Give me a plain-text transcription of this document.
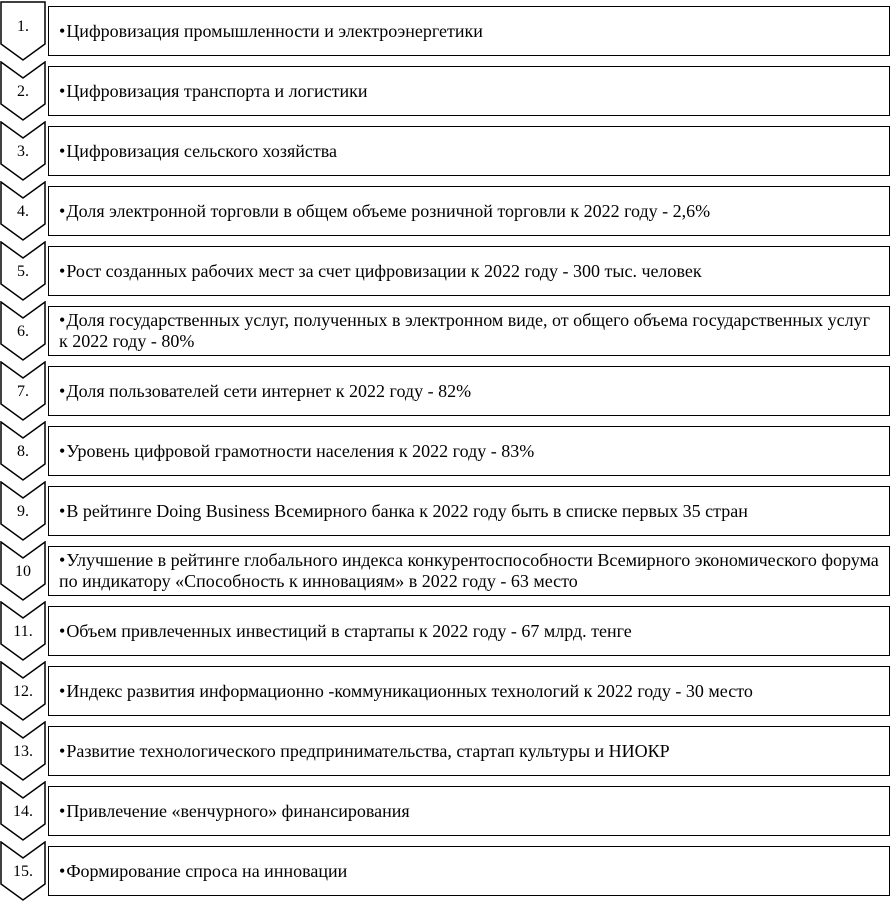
1. •Цифровизация промышленности и электроэнергетики
2. •Цифровизация транспорта и логистики
3. •Цифровизация сельского хозяйства
4. •Доля электронной торговли в общем объеме розничной торговли к 2022 году - 2,6%
5. •Рост созданных рабочих мест за счет цифровизации к 2022 году - 300 тыс. человек
6.
•Доля государственных услуг, полученных в электронном виде, от общего объема государственных услуг к 2022 году - 80%
7. •Доля пользователей сети интернет к 2022 году - 82%
8. •Уровень цифровой грамотности населения к 2022 году - 83%
9. •В рейтинге Doing Business Всемирного банка к 2022 году быть в списке первых 35 стран
10
•Улучшение в рейтинге глобального индекса конкурентоспособности Всемирного экономического форума по индикатору «Способность к инновациям» в 2022 году - 63 место
11. •Объем привлеченных инвестиций в стартапы к 2022 году - 67 млрд. тенге
12. •Индекс развития информационно -коммуникационных технологий к 2022 году - 30 место
13. •Развитие технологического предпринимательства, стартап культуры и НИОКР
14. •Привлечение «венчурного» финансирования
15. •Формирование спроса на инновации
